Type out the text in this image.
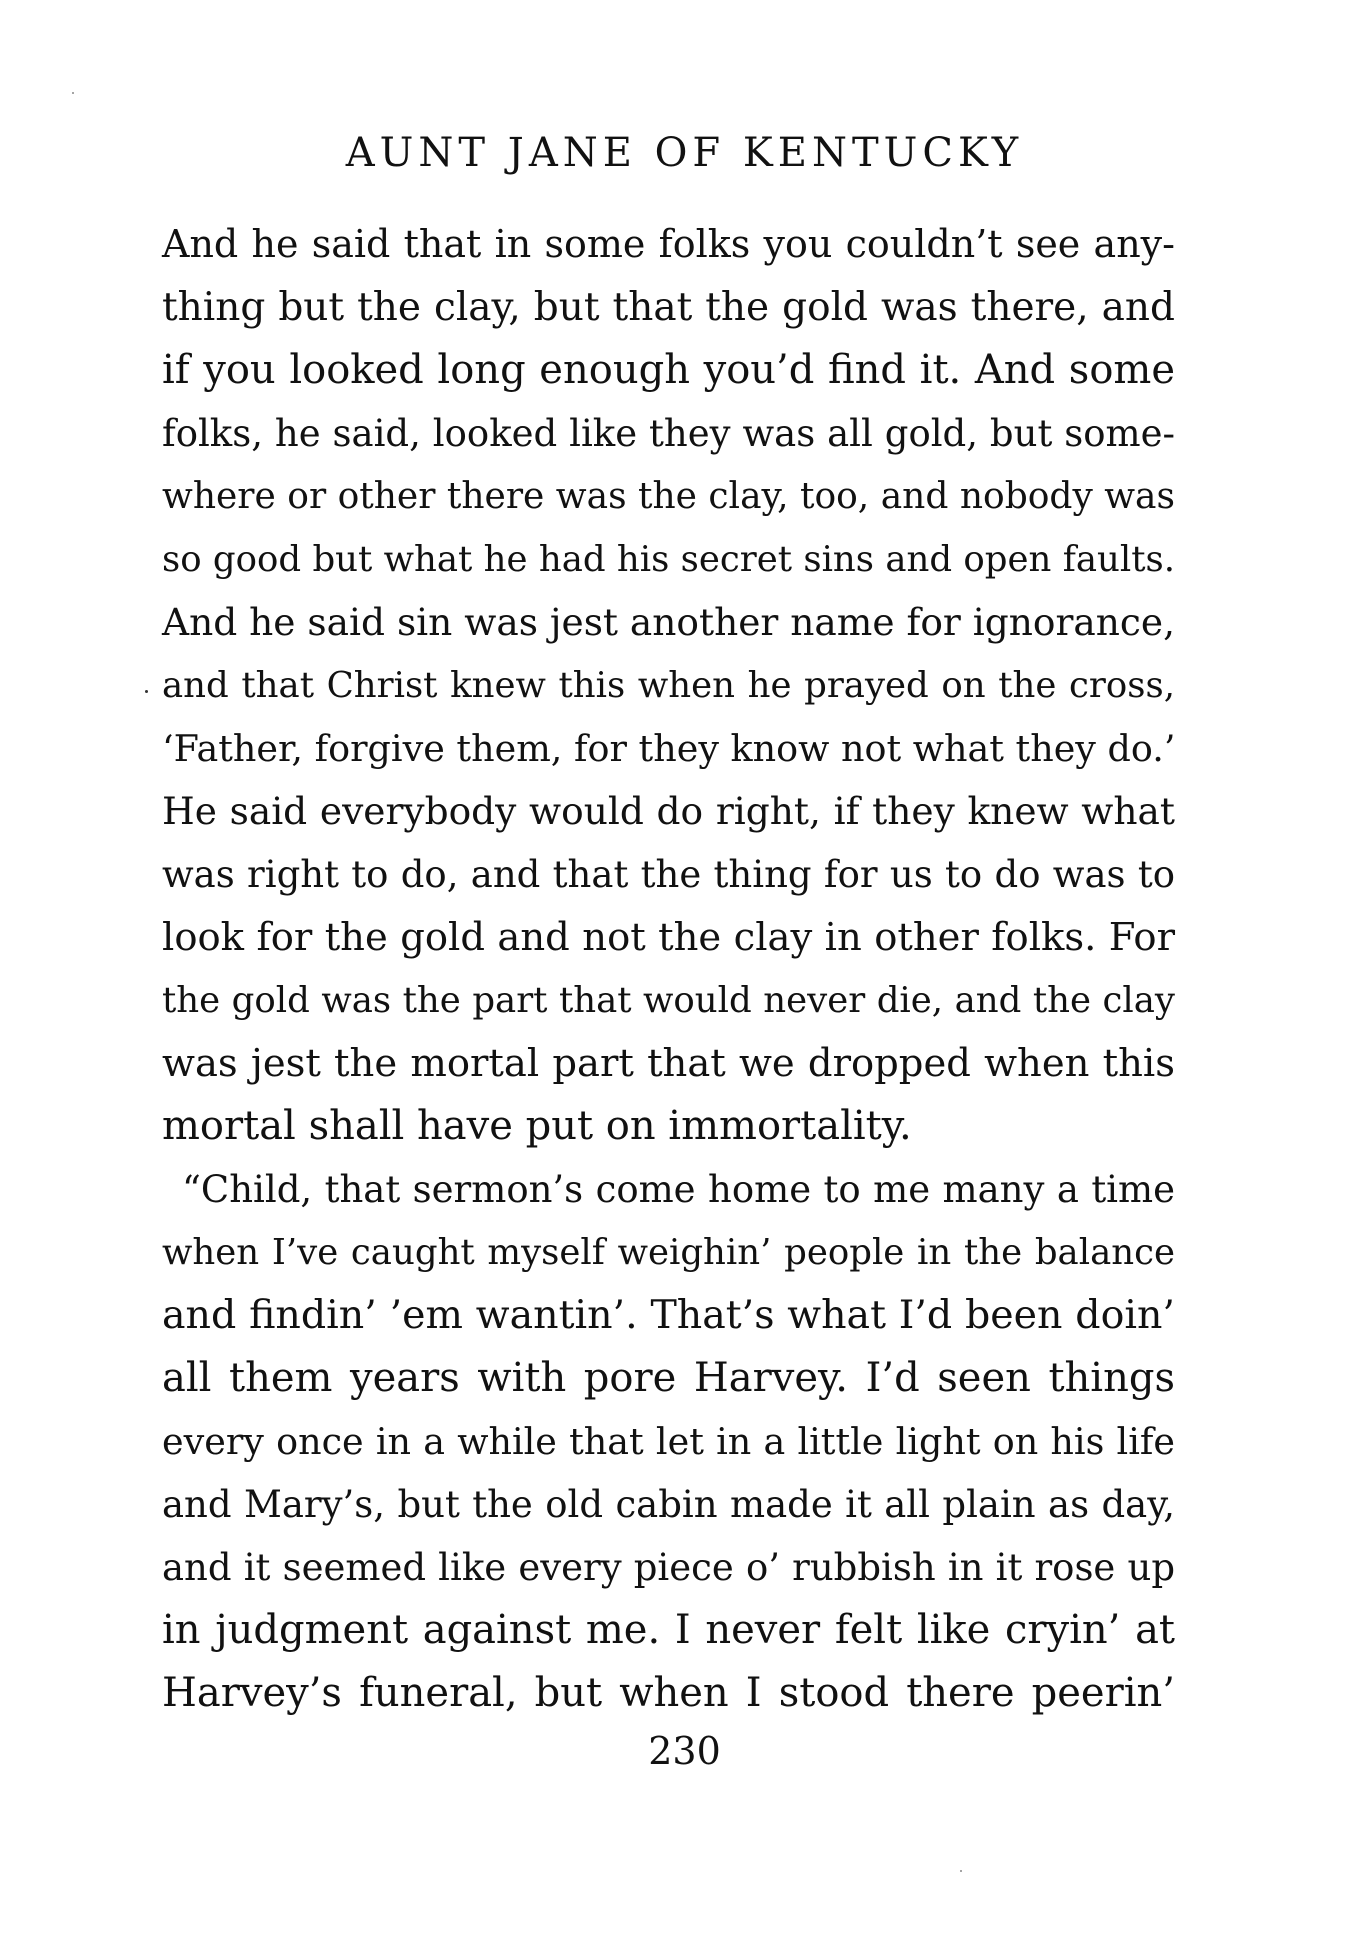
AUNT JANE OF KENTUCKY
And he said that in some folks you couldn’t see any-
thing but the clay, but that the gold was there, and
if you looked long enough you’d find it. And some
folks, he said, looked like they was all gold, but some-
where or other there was the clay, too, and nobody was
so good but what he had his secret sins and open faults.
And he said sin was jest another name for ignorance,
and that Christ knew this when he prayed on the cross,
‘Father, forgive them, for they know not what they do.’
He said everybody would do right, if they knew what
was right to do, and that the thing for us to do was to
look for the gold and not the clay in other folks. For
the gold was the part that would never die, and the clay
was jest the mortal part that we dropped when this
mortal shall have put on immortality.
“Child, that sermon’s come home to me many a time
when I’ve caught myself weighin’ people in the balance
and findin’ ’em wantin’. That’s what I’d been doin’
all them years with pore Harvey. I’d seen things
every once in a while that let in a little light on his life
and Mary’s, but the old cabin made it all plain as day,
and it seemed like every piece o’ rubbish in it rose up
in judgment against me. I never felt like cryin’ at
Harvey’s funeral, but when I stood there peerin’
230
